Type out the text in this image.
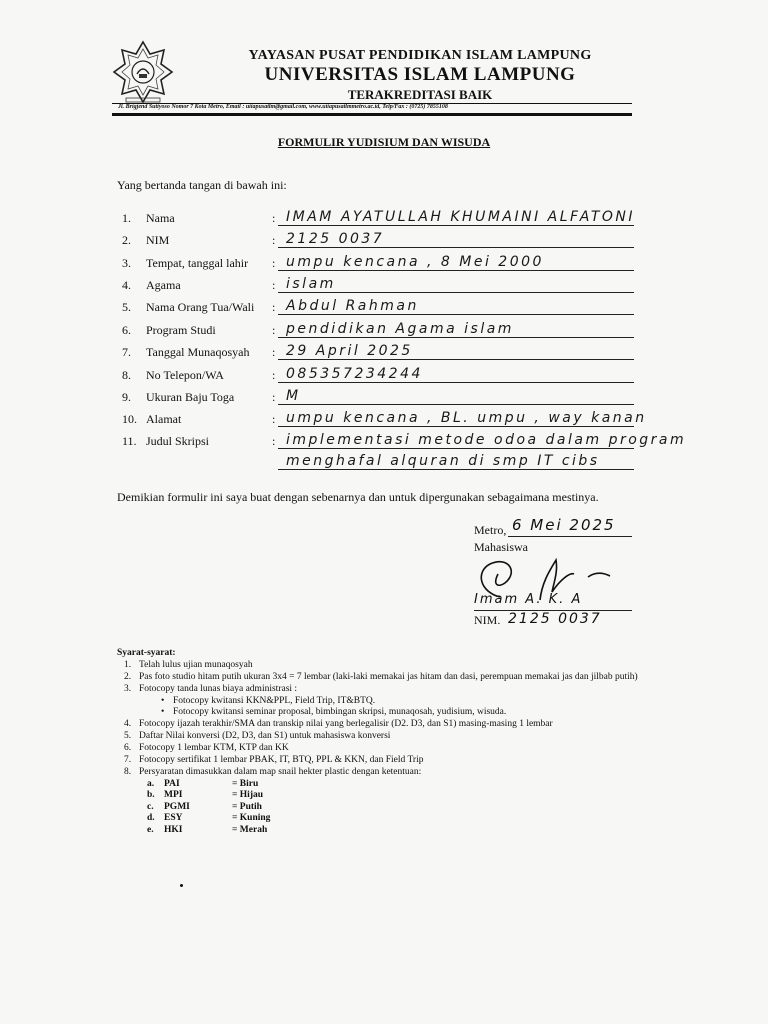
YAYASAN PUSAT PENDIDIKAN ISLAM LAMPUNG
UNIVERSITAS ISLAM LAMPUNG
TERAKREDITASI BAIK
Jl. Brigjend Sutiyoso Nomor 7 Kota Metro, Email : uiiapusatlm@gmail.com, www.uiiapusatlmmetro.ac.id, Telp/Fax : (0725) 7855108
FORMULIR YUDISIUM DAN WISUDA
Yang bertanda tangan di bawah ini:
1. Nama	: IMAM AYATULLAH KHUMAINI ALFATONI
2. NIM	: 2125 0037
3. Tempat, tanggal lahir : umpu kencana , 8 Mei 2000
4. Agama	: islam
5. Nama Orang Tua/Wali : Abdul Rahman
6. Program Studi	: pendidikan Agama islam
7. Tanggal Munaqosyah : 29 April 2025
8. No Telepon/WA	: 085357234244
9. Ukuran Baju Toga	: M
10. Alamat	: umpu kencana , BL. umpu , way kanan
11. Judul Skripsi	: implementasi metode odoa dalam program
menghafal alquran di smp IT cibs
Demikian formulir ini saya buat dengan sebenarnya dan untuk dipergunakan sebagaimana mestinya.
Metro, 6 Mei 2025
Mahasiswa
Imam A. K. A
NIM. 2125 0037
Syarat-syarat:
1. Telah lulus ujian munaqosyah
2. Pas foto studio hitam putih ukuran 3x4 = 7 lembar (laki-laki memakai jas hitam dan dasi, perempuan memakai jas dan jilbab putih)
3. Fotocopy tanda lunas biaya administrasi :
• Fotocopy kwitansi KKN&PPL, Field Trip, IT&BTQ.
• Fotocopy kwitansi seminar proposal, bimbingan skripsi, munaqosah, yudisium, wisuda.
4. Fotocopy ijazah terakhir/SMA dan transkip nilai yang berlegalisir (D2. D3, dan S1) masing-masing 1 lembar
5. Daftar Nilai konversi (D2, D3, dan S1) untuk mahasiswa konversi
6. Fotocopy 1 lembar KTM, KTP dan KK
7. Fotocopy sertifikat 1 lembar PBAK, IT, BTQ, PPL & KKN, dan Field Trip
8. Persyaratan dimasukkan dalam map snail hekter plastic dengan ketentuan:
a. PAI	= Biru
b. MPI	= Hijau
c. PGMI	= Putih
d. ESY	= Kuning
e. HKI	= Merah
